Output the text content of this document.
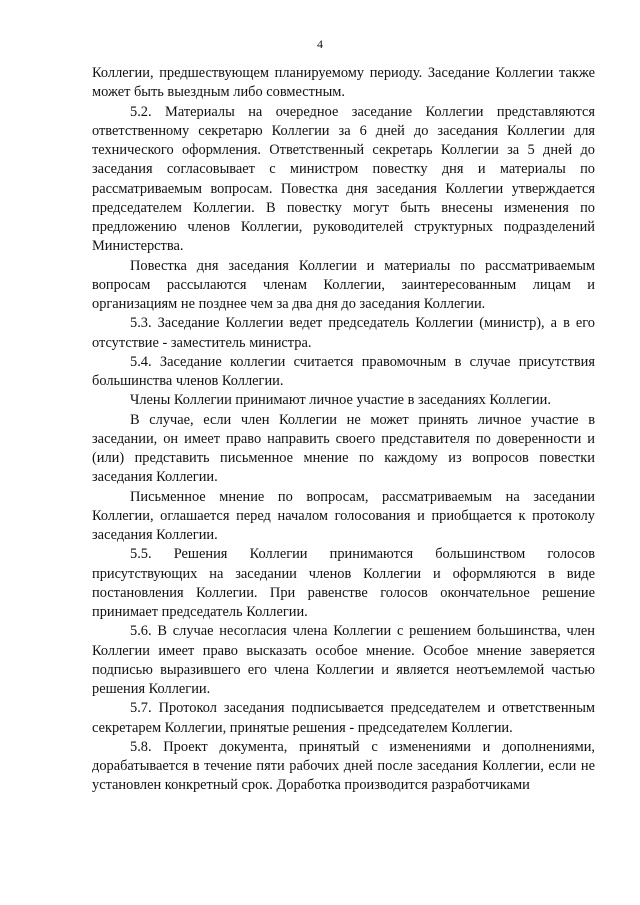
4

Коллегии, предшествующем планируемому периоду. Заседание Коллегии также может быть выездным либо совместным.

5.2. Материалы на очередное заседание Коллегии представляются ответственному секретарю Коллегии за 6 дней до заседания Коллегии для технического оформления. Ответственный секретарь Коллегии за 5 дней до заседания согласовывает с министром повестку дня и материалы по рассматриваемым вопросам. Повестка дня заседания Коллегии утверждается председателем Коллегии. В повестку могут быть внесены изменения по предложению членов Коллегии, руководителей структурных подразделений Министерства.

Повестка дня заседания Коллегии и материалы по рассматриваемым вопросам рассылаются членам Коллегии, заинтересованным лицам и организациям не позднее чем за два дня до заседания Коллегии.

5.3. Заседание Коллегии ведет председатель Коллегии (министр), а в его отсутствие - заместитель министра.

5.4. Заседание коллегии считается правомочным в случае присутствия большинства членов Коллегии.

Члены Коллегии принимают личное участие в заседаниях Коллегии.

В случае, если член Коллегии не может принять личное участие в заседании, он имеет право направить своего представителя по доверенности и (или) представить письменное мнение по каждому из вопросов повестки заседания Коллегии.

Письменное мнение по вопросам, рассматриваемым на заседании Коллегии, оглашается перед началом голосования и приобщается к протоколу заседания Коллегии.

5.5. Решения Коллегии принимаются большинством голосов присутствующих на заседании членов Коллегии и оформляются в виде постановления Коллегии. При равенстве голосов окончательное решение принимает председатель Коллегии.

5.6. В случае несогласия члена Коллегии с решением большинства, член Коллегии имеет право высказать особое мнение. Особое мнение заверяется подписью выразившего его члена Коллегии и является неотъемлемой частью решения Коллегии.

5.7. Протокол заседания подписывается председателем и ответственным секретарем Коллегии, принятые решения - председателем Коллегии.

5.8. Проект документа, принятый с изменениями и дополнениями, дорабатывается в течение пяти рабочих дней после заседания Коллегии, если не установлен конкретный срок. Доработка производится разработчиками
